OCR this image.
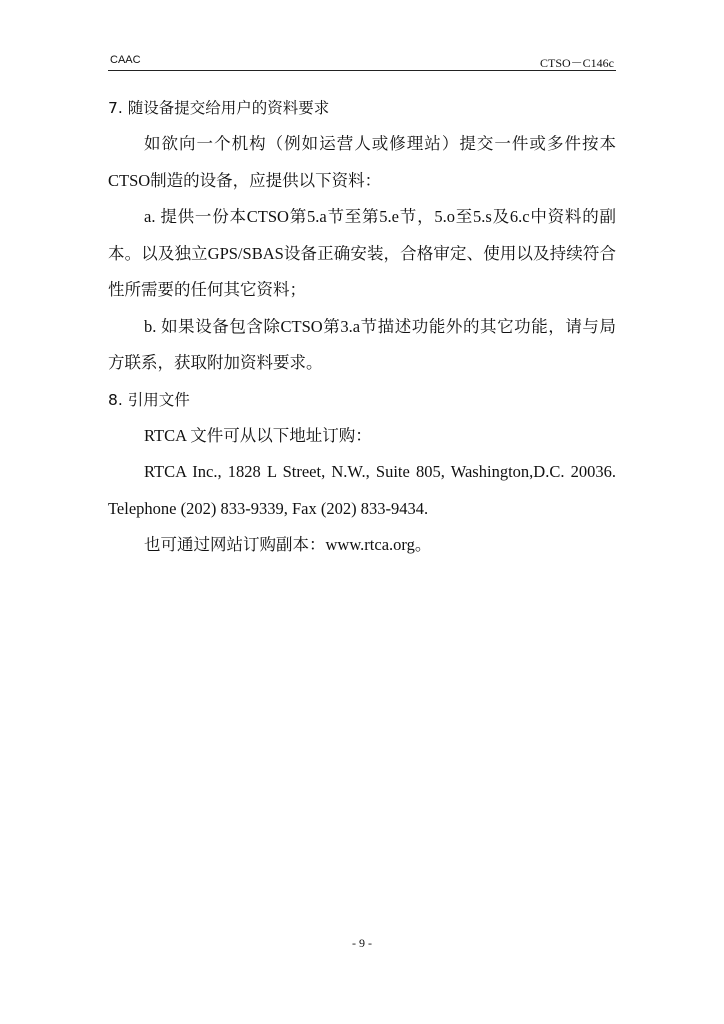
CAAC	CTSO－C146c
7. 随设备提交给用户的资料要求

如欲向一个机构（例如运营人或修理站）提交一件或多件按本CTSO制造的设备，应提供以下资料：

a. 提供一份本CTSO第5.a节至第5.e节，5.o至5.s及6.c中资料的副本。以及独立GPS/SBAS设备正确安装，合格审定、使用以及持续符合性所需要的任何其它资料；

b. 如果设备包含除CTSO第3.a节描述功能外的其它功能，请与局方联系，获取附加资料要求。

8. 引用文件

RTCA 文件可从以下地址订购：

RTCA Inc., 1828 L Street, N.W., Suite 805, Washington,D.C. 20036. Telephone (202) 833-9339, Fax (202) 833-9434.

也可通过网站订购副本：www.rtca.org。

- 9 -
